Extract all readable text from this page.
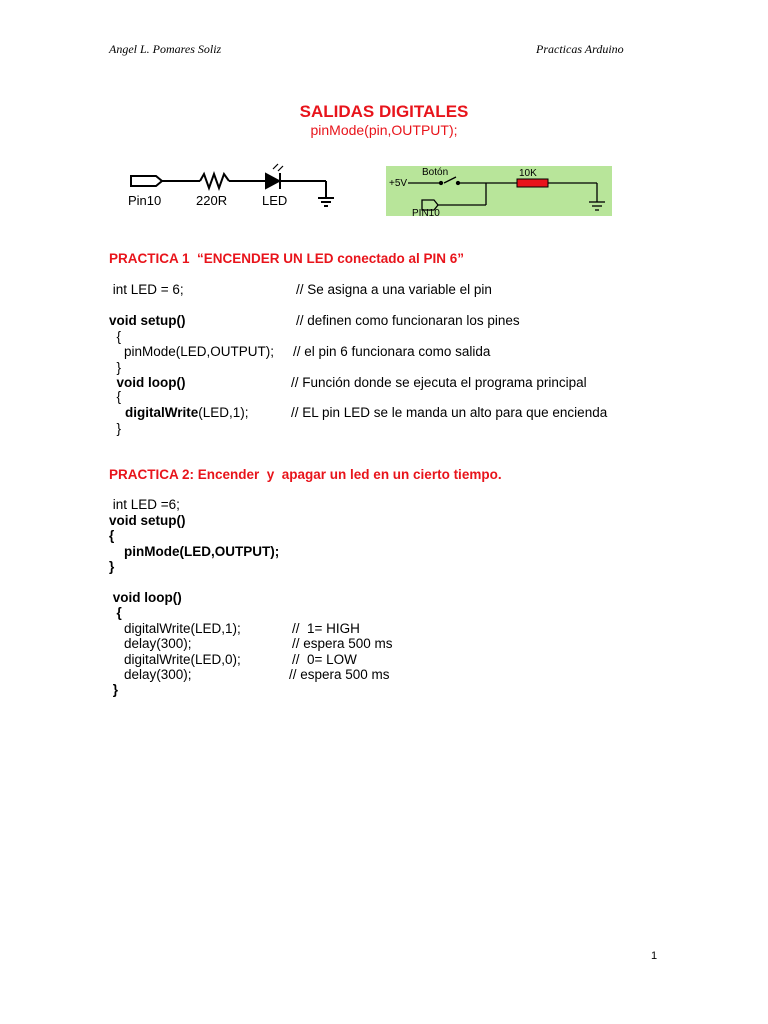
Angel L. Pomares Soliz	Practicas Arduino
SALIDAS DIGITALES
pinMode(pin,OUTPUT);
Pin10	220R	LED
Botón
+5V
10K
PIN10
PRACTICA 1  “ENCENDER UN LED conectado al PIN 6”
int LED = 6;	// Se asigna a una variable el pin
void setup()	// definen como funcionaran los pines
{
pinMode(LED,OUTPUT); // el pin 6 funcionara como salida
}
void loop()	// Función donde se ejecuta el programa principal
{
digitalWrite(LED,1);	// EL pin LED se le manda un alto para que encienda
}
PRACTICA 2: Encender  y  apagar un led en un cierto tiempo.
int LED =6;
void setup()
{
pinMode(LED,OUTPUT);
}
void loop()
{
digitalWrite(LED,1);	//  1= HIGH
delay(300);	// espera 500 ms
digitalWrite(LED,0);	//  0= LOW
delay(300);	// espera 500 ms
}
1
